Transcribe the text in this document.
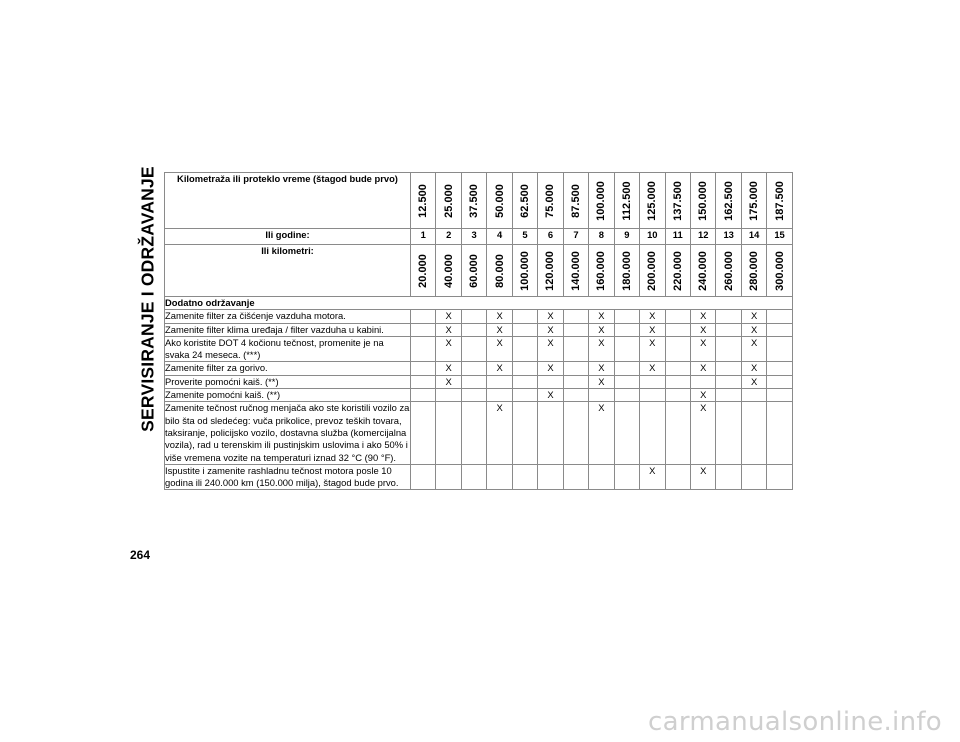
SERVISIRANJE I ODRŽAVANJE Kilometraža ili proteklo vreme (štagod bude prvo)	12.500	25.000	37.500	50.000	62.500	75.000	87.500	100.000	112.500	125.000	137.500	150.000	162.500	175.000	187.500

Ili godine:	1	2	3	4	5	6	7	8	9	10	11	12	13	14	15
Ili kilometri:	20.000	40.000	60.000	80.000	100.000	120.000	140.000	160.000	180.000	200.000	220.000	240.000	260.000	280.000	300.000

Dodatno održavanje															
Zamenite filter za čišćenje vazduha motora.		X		X		X		X		X		X		X	
Zamenite filter klima uređaja / filter vazduha u kabini.		X		X		X		X		X		X		X	
Ako koristite DOT 4 kočionu tečnost, promenite je na svaka 24 meseca. (***)		X		X		X		X		X		X		X	
Zamenite filter za gorivo.		X		X		X		X		X		X		X	
Proverite pomoćni kaiš. (**)		X						X						X	
Zamenite pomoćni kaiš. (**)						X						X			
Zamenite tečnost ručnog menjača ako ste koristili vozilo za bilo šta od sledećeg: vuča prikolice, prevoz teških tovara, taksiranje, policijsko vozilo, dostavna služba (komercijalna vozila), rad u terenskim ili pustinjskim uslovima i ako 50% i više vremena vozite na temperaturi iznad 32 °C (90 °F).				X				X				X			
Ispustite i zamenite rashladnu tečnost motora posle 10 godina ili 240.000 km (150.000 milja), štagod bude prvo.										X		X			
264
carmanualsonline.info
